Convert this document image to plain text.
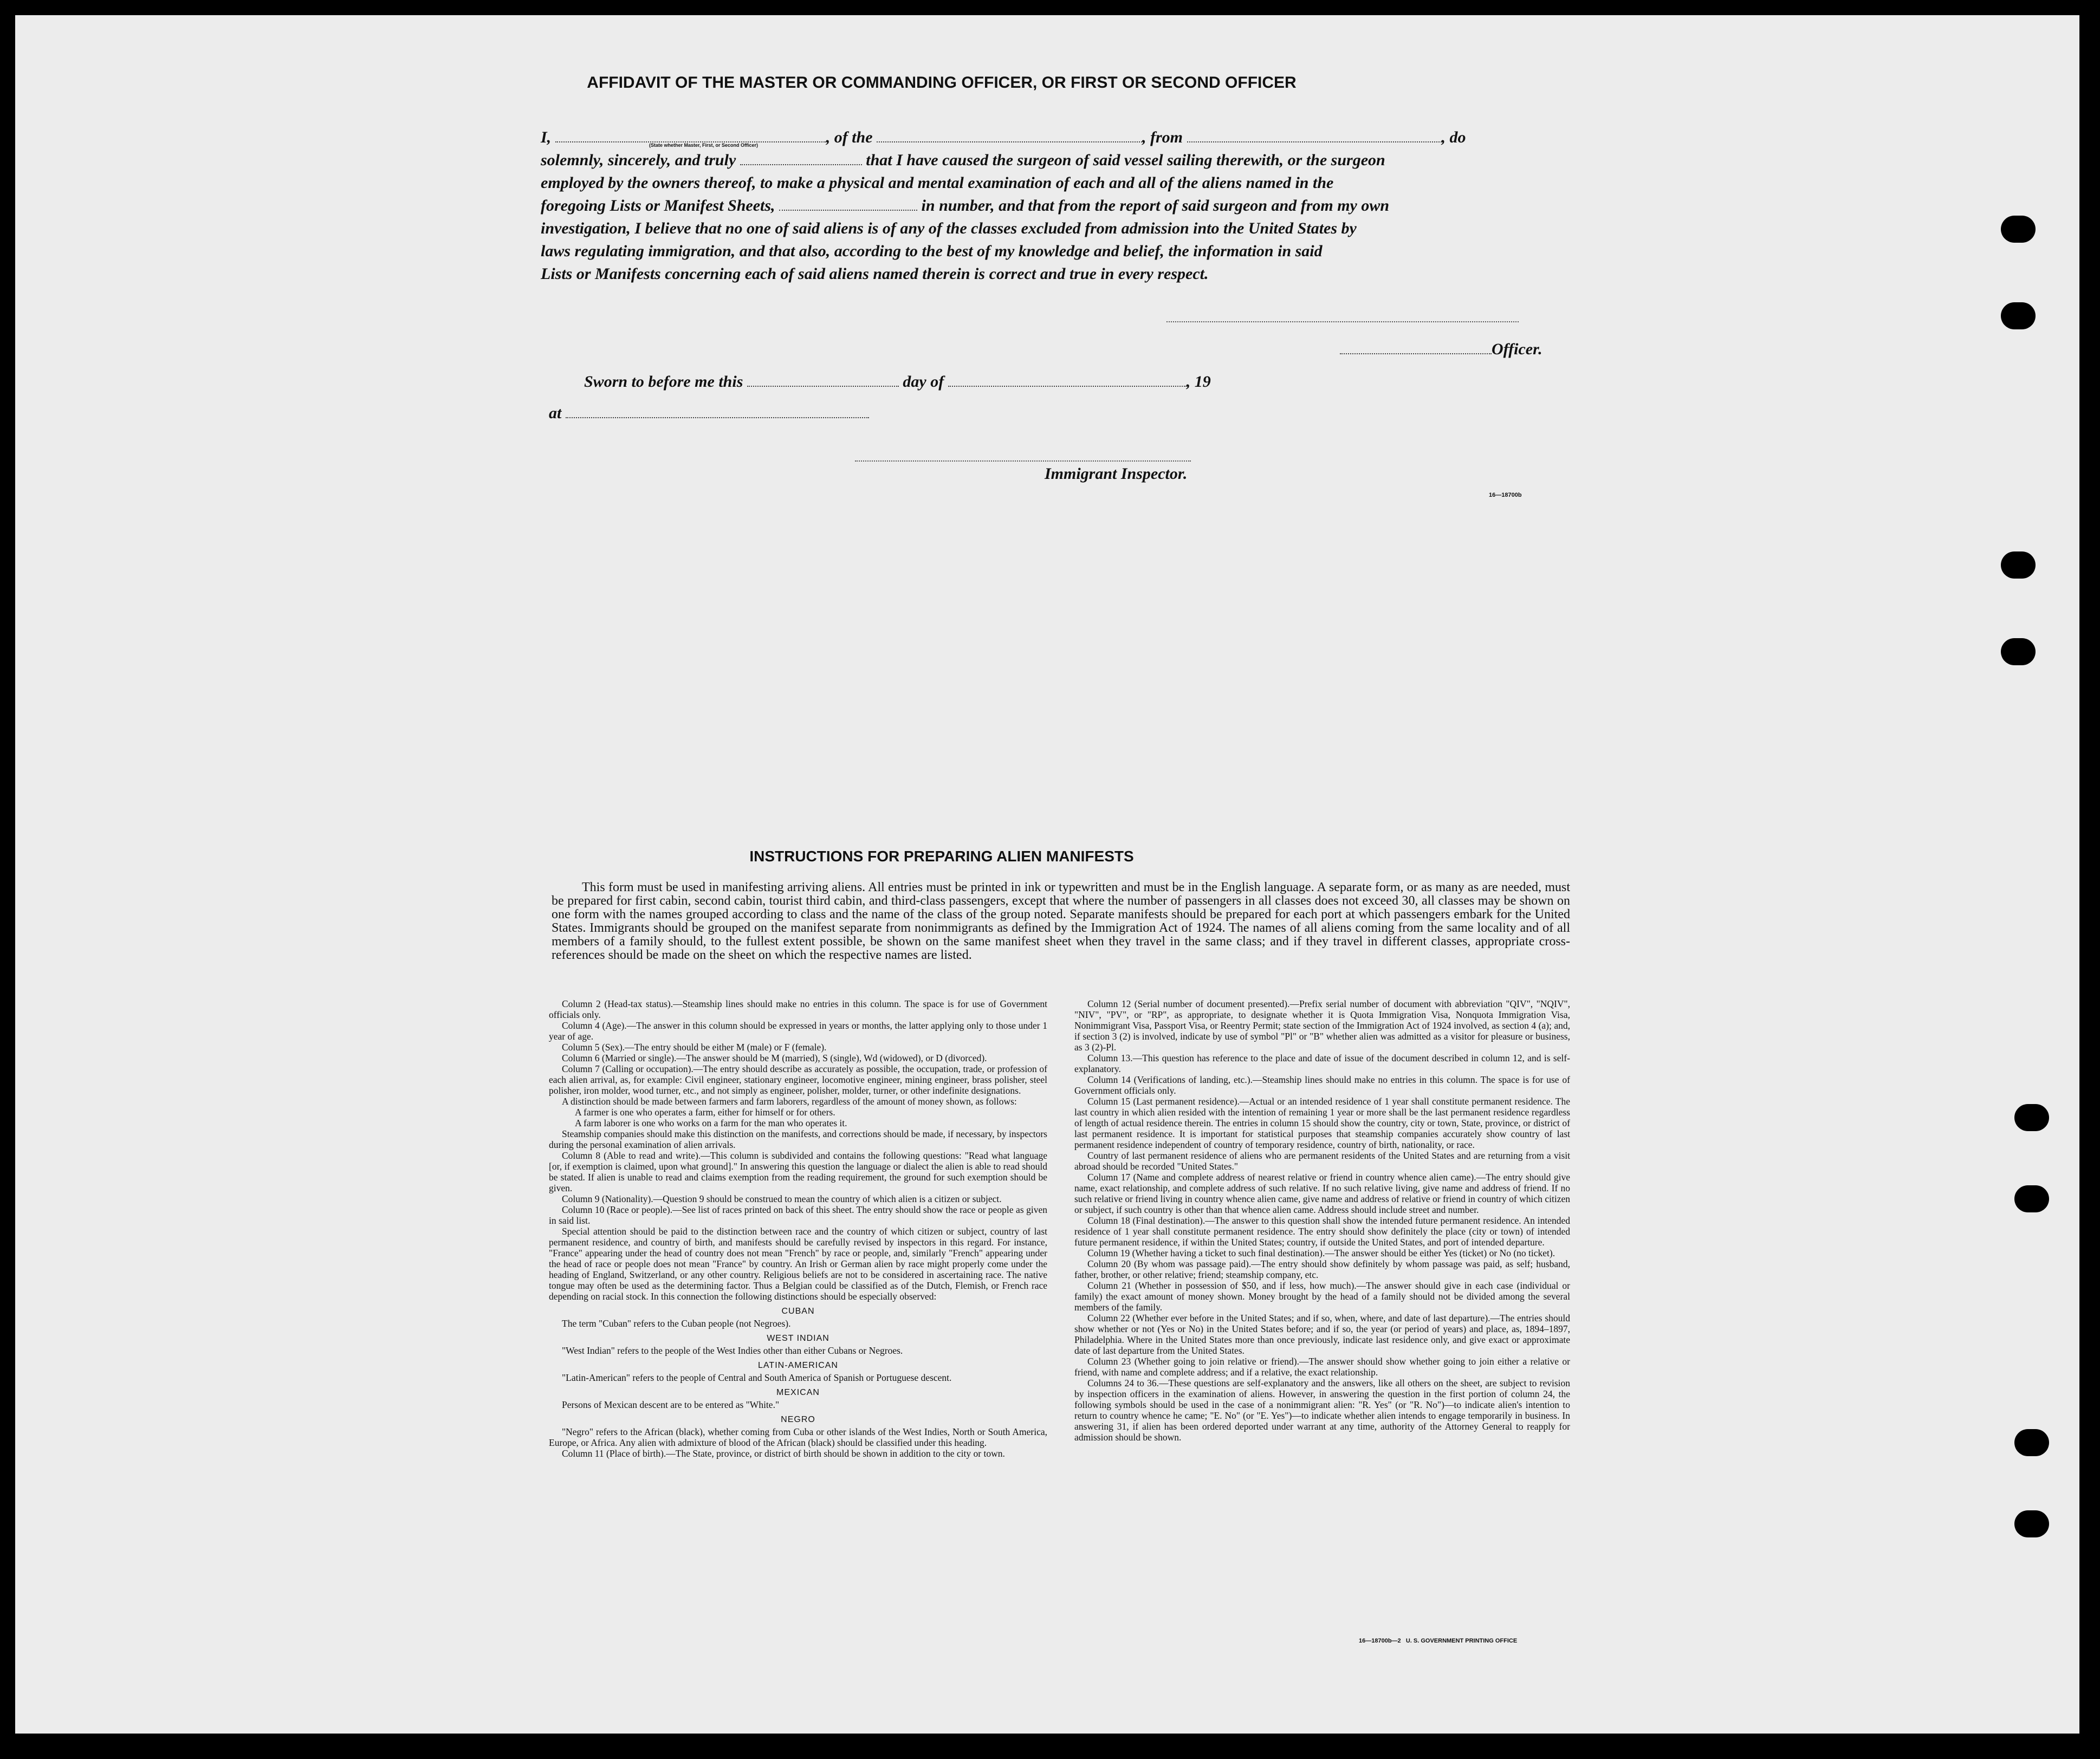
AFFIDAVIT OF THE MASTER OR COMMANDING OFFICER, OR FIRST OR SECOND OFFICER
I,	, of the	, from	, do
(State whether Master, First, or Second Officer)
solemnly, sincerely, and truly	that I have caused the surgeon of said vessel sailing therewith, or the surgeon
employed by the owners thereof, to make a physical and mental examination of each and all of the aliens named in the
foregoing Lists or Manifest Sheets,	in number, and that from the report of said surgeon and from my own
investigation, I believe that no one of said aliens is of any of the classes excluded from admission into the United States by
laws regulating immigration, and that also, according to the best of my knowledge and belief, the information in said
Lists or Manifests concerning each of said aliens named therein is correct and true in every respect.
Officer.
Sworn to before me this	day of	, 19
at
Immigrant Inspector.
16—18700b
INSTRUCTIONS FOR PREPARING ALIEN MANIFESTS

This form must be used in manifesting arriving aliens. All entries must be printed in ink or typewritten and must be in the English language. A separate form, or as many as are needed, must be prepared for first cabin, second cabin, tourist third cabin, and third-class passengers, except that where the number of passengers in all classes does not exceed 30, all classes may be shown on one form with the names grouped according to class and the name of the class of the group noted. Separate manifests should be prepared for each port at which passengers embark for the United States. Immigrants should be grouped on the manifest separate from nonimmigrants as defined by the Immigration Act of 1924. The names of all aliens coming from the same locality and of all members of a family should, to the fullest extent possible, be shown on the same manifest sheet when they travel in the same class; and if they travel in different classes, appropriate cross-references should be made on the sheet on which the respective names are listed.

Column 2 (Head-tax status).—Steamship lines should make no entries in this column. The space is for use of Government officials only.

Column 4 (Age).—The answer in this column should be expressed in years or months, the latter applying only to those under 1 year of age.

Column 5 (Sex).—The entry should be either M (male) or F (female).

Column 6 (Married or single).—The answer should be M (married), S (single), Wd (widowed), or D (divorced).

Column 7 (Calling or occupation).—The entry should describe as accurately as possible, the occupation, trade, or profession of each alien arrival, as, for example: Civil engineer, stationary engineer, locomotive engineer, mining engineer, brass polisher, steel polisher, iron molder, wood turner, etc., and not simply as engineer, polisher, molder, turner, or other indefinite designations.

A distinction should be made between farmers and farm laborers, regardless of the amount of money shown, as follows:

A farmer is one who operates a farm, either for himself or for others.

A farm laborer is one who works on a farm for the man who operates it.

Steamship companies should make this distinction on the manifests, and corrections should be made, if necessary, by inspectors during the personal examination of alien arrivals.

Column 8 (Able to read and write).—This column is subdivided and contains the following questions: "Read what language [or, if exemption is claimed, upon what ground]." In answering this question the language or dialect the alien is able to read should be stated. If alien is unable to read and claims exemption from the reading requirement, the ground for such exemption should be given.

Column 9 (Nationality).—Question 9 should be construed to mean the country of which alien is a citizen or subject.

Column 10 (Race or people).—See list of races printed on back of this sheet. The entry should show the race or people as given in said list.

Special attention should be paid to the distinction between race and the country of which citizen or subject, country of last permanent residence, and country of birth, and manifests should be carefully revised by inspectors in this regard. For instance, "France" appearing under the head of country does not mean "French" by race or people, and, similarly "French" appearing under the head of race or people does not mean "France" by country. An Irish or German alien by race might properly come under the heading of England, Switzerland, or any other country. Religious beliefs are not to be considered in ascertaining race. The native tongue may often be used as the determining factor. Thus a Belgian could be classified as of the Dutch, Flemish, or French race depending on racial stock. In this connection the following distinctions should be especially observed:

CUBAN

The term "Cuban" refers to the Cuban people (not Negroes).

WEST INDIAN

"West Indian" refers to the people of the West Indies other than either Cubans or Negroes.

LATIN-AMERICAN

"Latin-American" refers to the people of Central and South America of Spanish or Portuguese descent.

MEXICAN

Persons of Mexican descent are to be entered as "White."

NEGRO

"Negro" refers to the African (black), whether coming from Cuba or other islands of the West Indies, North or South America, Europe, or Africa. Any alien with admixture of blood of the African (black) should be classified under this heading.

Column 11 (Place of birth).—The State, province, or district of birth should be shown in addition to the city or town.

Column 12 (Serial number of document presented).—Prefix serial number of document with abbreviation "QIV", "NQIV", "NIV", "PV", or "RP", as appropriate, to designate whether it is Quota Immigration Visa, Nonquota Immigration Visa, Nonimmigrant Visa, Passport Visa, or Reentry Permit; state section of the Immigration Act of 1924 involved, as section 4 (a); and, if section 3 (2) is involved, indicate by use of symbol "Pl" or "B" whether alien was admitted as a visitor for pleasure or business, as 3 (2)-Pl.

Column 13.—This question has reference to the place and date of issue of the document described in column 12, and is self-explanatory.

Column 14 (Verifications of landing, etc.).—Steamship lines should make no entries in this column. The space is for use of Government officials only.

Column 15 (Last permanent residence).—Actual or an intended residence of 1 year shall constitute permanent residence. The last country in which alien resided with the intention of remaining 1 year or more shall be the last permanent residence regardless of length of actual residence therein. The entries in column 15 should show the country, city or town, State, province, or district of last permanent residence. It is important for statistical purposes that steamship companies accurately show country of last permanent residence independent of country of temporary residence, country of birth, nationality, or race.

Country of last permanent residence of aliens who are permanent residents of the United States and are returning from a visit abroad should be recorded "United States."

Column 17 (Name and complete address of nearest relative or friend in country whence alien came).—The entry should give name, exact relationship, and complete address of such relative. If no such relative living, give name and address of friend. If no such relative or friend living in country whence alien came, give name and address of relative or friend in country of which citizen or subject, if such country is other than that whence alien came. Address should include street and number.

Column 18 (Final destination).—The answer to this question shall show the intended future permanent residence. An intended residence of 1 year shall constitute permanent residence. The entry should show definitely the place (city or town) of intended future permanent residence, if within the United States; country, if outside the United States, and port of intended departure.

Column 19 (Whether having a ticket to such final destination).—The answer should be either Yes (ticket) or No (no ticket).

Column 20 (By whom was passage paid).—The entry should show definitely by whom passage was paid, as self; husband, father, brother, or other relative; friend; steamship company, etc.

Column 21 (Whether in possession of $50, and if less, how much).—The answer should give in each case (individual or family) the exact amount of money shown. Money brought by the head of a family should not be divided among the several members of the family.

Column 22 (Whether ever before in the United States; and if so, when, where, and date of last departure).—The entries should show whether or not (Yes or No) in the United States before; and if so, the year (or period of years) and place, as, 1894–1897, Philadelphia. Where in the United States more than once previously, indicate last residence only, and give exact or approximate date of last departure from the United States.

Column 23 (Whether going to join relative or friend).—The answer should show whether going to join either a relative or friend, with name and complete address; and if a relative, the exact relationship.

Columns 24 to 36.—These questions are self-explanatory and the answers, like all others on the sheet, are subject to revision by inspection officers in the examination of aliens. However, in answering the question in the first portion of column 24, the following symbols should be used in the case of a nonimmigrant alien: "R. Yes" (or "R. No")—to indicate alien's intention to return to country whence he came; "E. No" (or "E. Yes")—to indicate whether alien intends to engage temporarily in business. In answering 31, if alien has been ordered deported under warrant at any time, authority of the Attorney General to reapply for admission should be shown.

16—18700b—2   U. S. GOVERNMENT PRINTING OFFICE
